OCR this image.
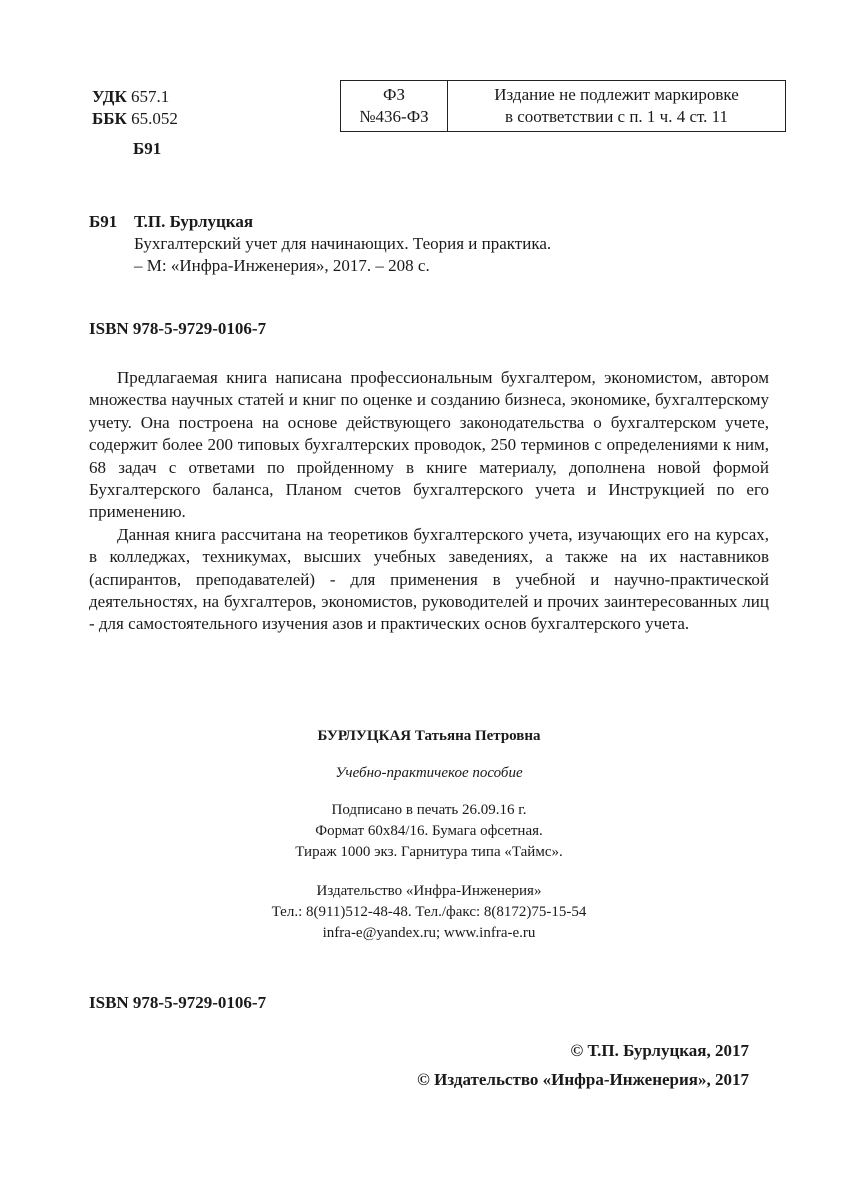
УДК 657.1
ББК 65.052
Б91
ФЗ
№436-ФЗ
Издание не подлежит маркировке
в соответствии с п. 1 ч. 4 ст. 11
Б91 Т.П. Бурлуцкая
Бухгалтерский учет для начинающих. Теория и практика.
– М: «Инфра-Инженерия», 2017. – 208 с.
ISBN 978-5-9729-0106-7

Предлагаемая книга написана профессиональным бухгалтером, экономистом, автором множества научных статей и книг по оценке и созданию бизнеса, экономике, бухгалтерскому учету. Она построена на основе действующего законодательства о бухгалтерском учете, содержит более 200 типовых бухгалтерских проводок, 250 терминов с определениями к ним, 68 задач с ответами по пройденному в книге материалу, дополнена новой формой Бухгалтерского баланса, Планом счетов бухгалтерского учета и Инструкцией по его применению.

Данная книга рассчитана на теоретиков бухгалтерского учета, изучающих его на курсах, в колледжах, техникумах, высших учебных заведениях, а также на их наставников (аспирантов, преподавателей) - для применения в учебной и научно-практической деятельностях, на бухгалтеров, экономистов, руководителей и прочих заинтересованных лиц - для самостоятельного изучения азов и практических основ бухгалтерского учета.

БУРЛУЦКАЯ Татьяна Петровна
Учебно-практичекое пособие
Подписано в печать 26.09.16 г.
Формат 60х84/16. Бумага офсетная.
Тираж 1000 экз. Гарнитура типа «Таймс».
Издательство «Инфра-Инженерия»
Тел.: 8(911)512-48-48. Тел./факс: 8(8172)75-15-54
infra-e@yandex.ru; www.infra-e.ru
ISBN 978-5-9729-0106-7
© Т.П. Бурлуцкая, 2017
© Издательство «Инфра-Инженерия», 2017
